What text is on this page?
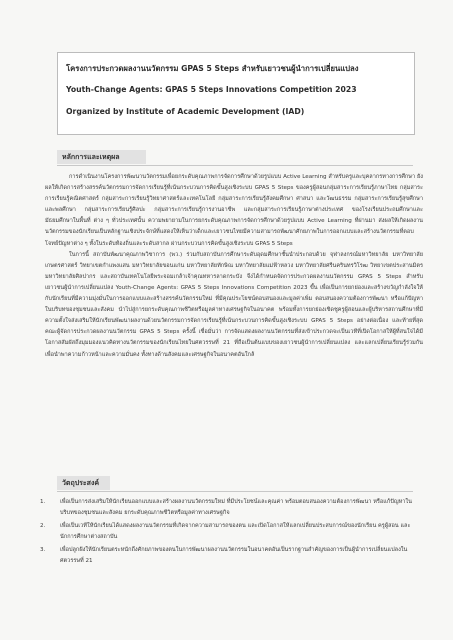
โครงการประกวดผลงานนวัตกรรม GPAS 5 Steps สำหรับเยาวชนผู้นำการเปลี่ยนแปลง
Youth-Change Agents: GPAS 5 Steps Innovations Competition 2023
Organized by Institute of Academic Development (IAD)
หลักการและเหตุผล

การดำเนินงานโครงการพัฒนานวัตกรรมเพื่อยกระดับคุณภาพการจัดการศึกษาด้วยรูปแบบ Active Learning สำหรับครูและบุคลากรทางการศึกษา ยังผลให้เกิดการสร้างสรรค์นวัตกรรมการจัดการเรียนรู้ที่เน้นกระบวนการคิดขั้นสูงเชิงระบบ GPAS 5 Steps ของครูผู้สอนกลุ่มสาระการเรียนรู้ภาษาไทย กลุ่มสาระการเรียนรู้คณิตศาสตร์ กลุ่มสาระการเรียนรู้วิทยาศาสตร์และเทคโนโลยี กลุ่มสาระการเรียนรู้สังคมศึกษา ศาสนา และวัฒนธรรม กลุ่มสาระการเรียนรู้สุขศึกษาและพลศึกษา กลุ่มสาระการเรียนรู้ศิลปะ กลุ่มสาระการเรียนรู้การงานอาชีพ และกลุ่มสาระการเรียนรู้ภาษาต่างประเทศ ของโรงเรียนประถมศึกษาและมัธยมศึกษาในพื้นที่ ต่าง ๆ ทั่วประเทศนั้น ความพยายามในการยกระดับคุณภาพการจัดการศึกษาด้วยรูปแบบ Active Learning ที่ผ่านมา ส่งผลให้เกิดผลงานนวัตกรรมของนักเรียนเป็นหลักฐานเชิงประจักษ์ที่แสดงให้เห็นว่าเด็กและเยาวชนไทยมีความสามารถพัฒนาศักยภาพในการออกแบบและสร้างนวัตกรรมที่ตอบโจทย์ปัญหาต่าง ๆ ทั้งในระดับท้องถิ่นและระดับสากล ผ่านกระบวนการคิดขั้นสูงเชิงระบบ GPAS 5 Steps

ในการนี้ สถาบันพัฒนาคุณภาพวิชาการ (พว.) ร่วมกับสถาบันการศึกษาระดับอุดมศึกษาชั้นนำประกอบด้วย จุฬาลงกรณ์มหาวิทยาลัย มหาวิทยาลัยเกษตรศาสตร์ วิทยาเขตกำแพงแสน มหาวิทยาลัยขอนแก่น มหาวิทยาลัยทักษิณ มหาวิทยาลัยแม่ฟ้าหลวง มหาวิทยาลัยศรีนครินทรวิโรฒ วิทยาเขตประสานมิตร มหาวิทยาลัยศิลปากร และสถาบันเทคโนโลยีพระจอมเกล้าเจ้าคุณทหารลาดกระบัง จึงได้กำหนดจัดการประกวดผลงานนวัตกรรม GPAS 5 Steps สำหรับเยาวชนผู้นำการเปลี่ยนแปลง Youth-Change Agents: GPAS 5 Steps Innovations Competition 2023 ขึ้น เพื่อเป็นการยกย่องและสร้างขวัญกำลังใจให้กับนักเรียนที่มีความมุ่งมั่นในการออกแบบและสร้างสรรค์นวัตกรรมใหม่ ที่มีคุณประโยชน์ตอบสนองและมูลค่าเพิ่ม ตอบสนองความต้องการพัฒนา หรือแก้ปัญหาในบริบทของชุมชนและสังคม นำไปสู่การยกระดับคุณภาพชีวิตหรือมูลค่าทางเศรษฐกิจในอนาคต พร้อมทั้งการยกย่องเชิดชูครูผู้สอนและผู้บริหารสถานศึกษาที่มีความตั้งใจส่งเสริมให้นักเรียนพัฒนาผลงานด้วยนวัตกรรมการจัดการเรียนรู้ที่เน้นกระบวนการคิดขั้นสูงเชิงระบบ GPAS 5 Steps อย่างต่อเนื่อง และท้ายที่สุดคณะผู้จัดการประกวดผลงานนวัตกรรม GPAS 5 Steps ครั้งนี้ เชื่อมั่นว่า การจัดแสดงผลงานนวัตกรรมที่ส่งเข้าประกวดจะเป็นเวทีที่เปิดโอกาสให้ผู้ที่สนใจได้มีโอกาสสัมผัสถึงมุมมองแนวคิดทางนวัตกรรมของนักเรียนไทยในศตวรรษที่ 21 ที่ถือเป็นต้นแบบของเยาวชนผู้นำการเปลี่ยนแปลง และแลกเปลี่ยนเรียนรู้ร่วมกัน เพื่อนำพาความก้าวหน้าและความมั่นคง ทั้งทางด้านสังคมและเศรษฐกิจในอนาคตอันใกล้

วัตถุประสงค์
1.	เพื่อเป็นการส่งเสริมให้นักเรียนออกแบบและสร้างผลงานนวัตกรรมใหม่ ที่มีประโยชน์และคุณค่า พร้อมตอบสนองความต้องการพัฒนา หรือแก้ปัญหาในบริบทของชุมชนและสังคม ยกระดับคุณภาพชีวิตหรือมูลค่าทางเศรษฐกิจ
2.	เพื่อเป็นเวทีให้นักเรียนได้แสดงผลงานนวัตกรรมที่เกิดจากความสามารถของตน และเปิดโอกาสให้แลกเปลี่ยนประสบการณ์ของนักเรียน ครูผู้สอน และนักการศึกษาต่างสถาบัน
3.	เพื่อปลูกฝังให้นักเรียนตระหนักถึงศักยภาพของตนในการพัฒนาผลงานนวัตกรรมในอนาคตอันเป็นรากฐานสำคัญของการเป็นผู้นำการเปลี่ยนแปลงในศตวรรษที่ 21
